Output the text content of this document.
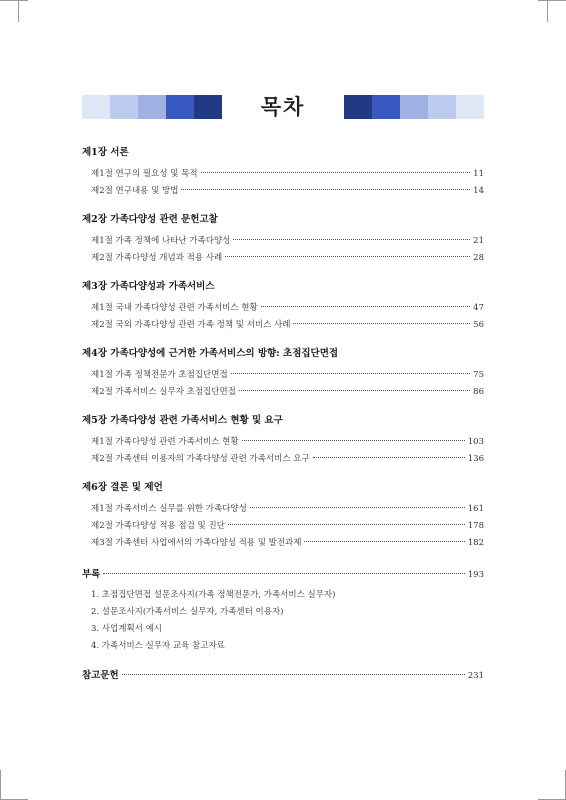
목차
제1장 서론
제1절 연구의 필요성 및 목적	11
제2절 연구내용 및 방법	14
제2장 가족다양성 관련 문헌고찰
제1절 가족 정책에 나타난 가족다양성	21
제2절 가족다양성 개념과 적용 사례	28
제3장 가족다양성과 가족서비스
제1절 국내 가족다양성 관련 가족서비스 현황	47
제2절 국외 가족다양성 관련 가족 정책 및 서비스 사례	56
제4장 가족다양성에 근거한 가족서비스의 방향: 초점집단면접
제1절 가족 정책전문가 초점집단면접	75
제2절 가족서비스 실무자 초점집단면접	86
제5장 가족다양성 관련 가족서비스 현황 및 요구
제1절 가족다양성 관련 가족서비스 현황	103
제2절 가족센터 이용자의 가족다양성 관련 가족서비스 요구	136
제6장 결론 및 제언
제1절 가족서비스 실무를 위한 가족다양성	161
제2절 가족다양성 적용 점검 및 진단	178
제3절 가족센터 사업에서의 가족다양성 적용 및 발전과제	182
부록	193
1. 초점집단면접 설문조사지(가족 정책전문가, 가족서비스 실무자)
2. 설문조사지(가족서비스 실무자, 가족센터 이용자)
3. 사업계획서 예시
4. 가족서비스 실무자 교육 참고자료
참고문헌	231
